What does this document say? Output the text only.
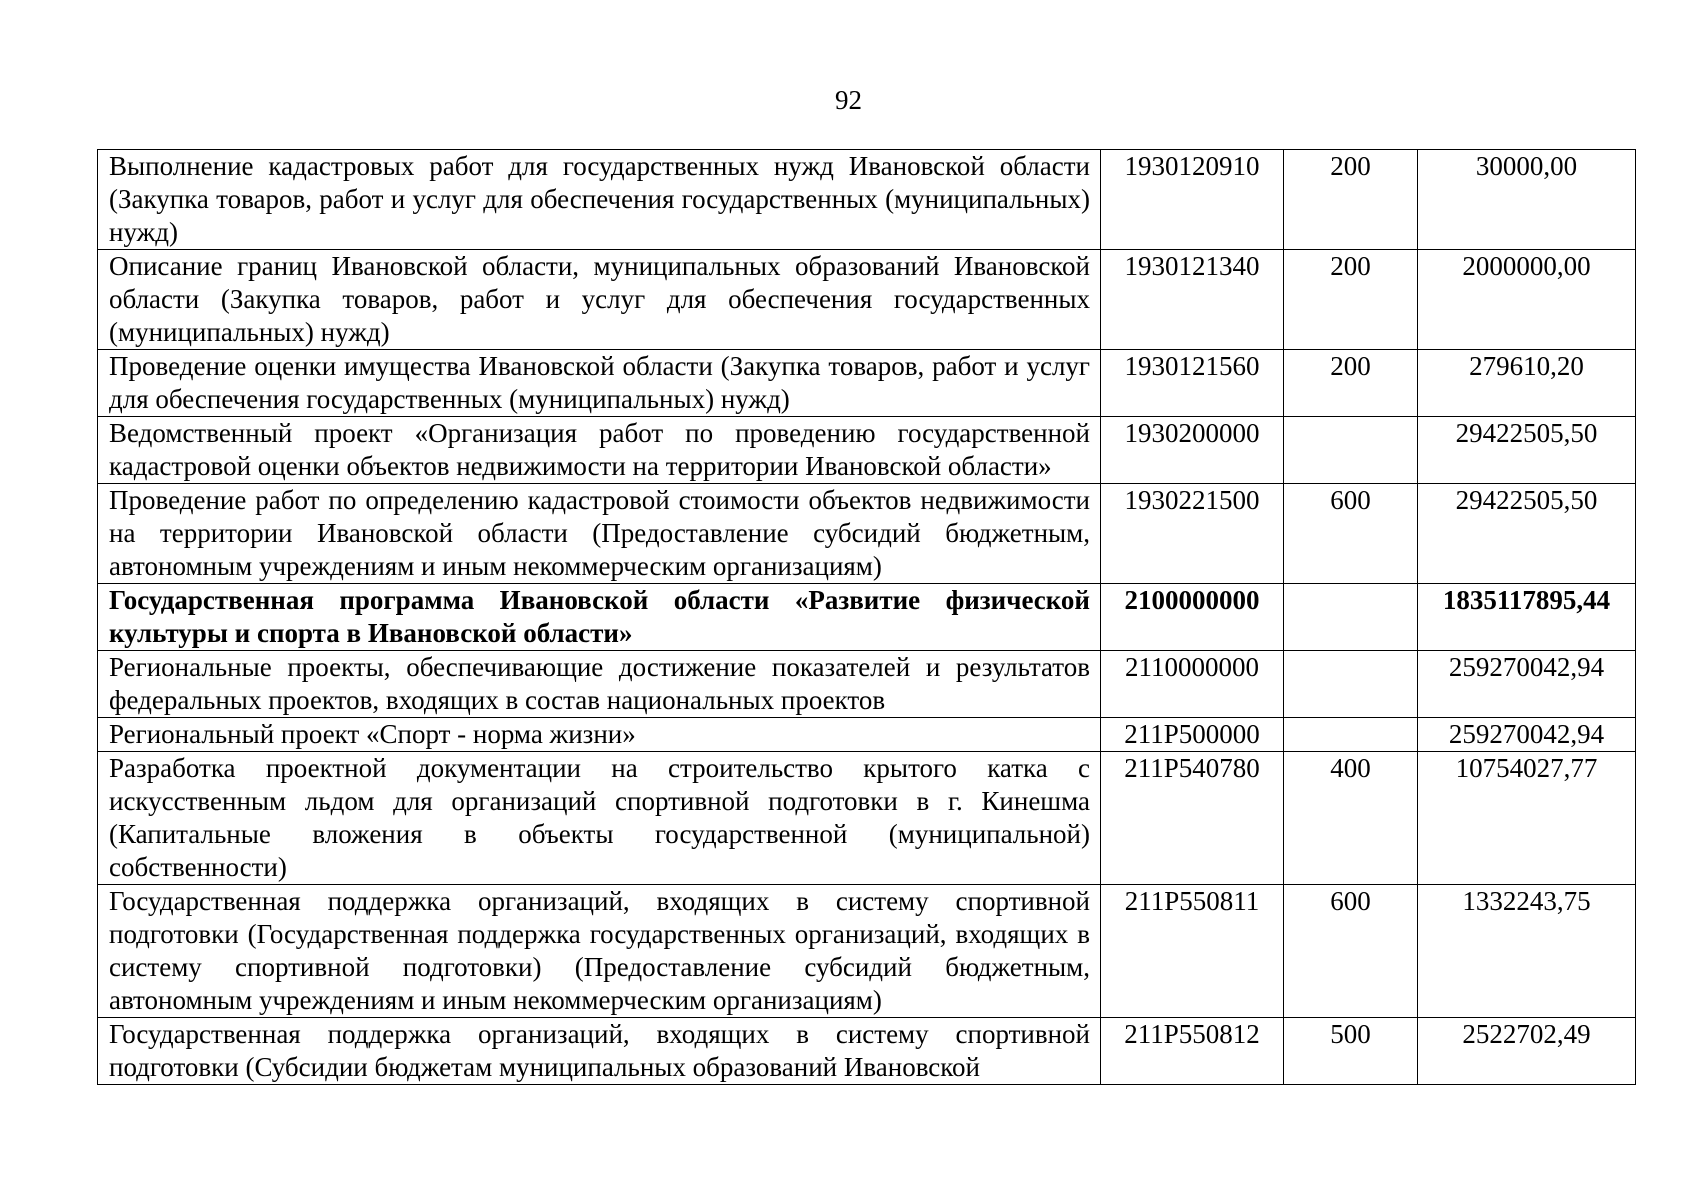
92
Выполнение кадастровых работ для государственных нужд Ивановской области (Закупка товаров, работ и услуг для обеспечения государственных (муниципальных) нужд)	1930120910	200	30000,00
Описание границ Ивановской области, муниципальных образований Ивановской области (Закупка товаров, работ и услуг для обеспечения государственных (муниципальных) нужд)	1930121340	200	2000000,00
Проведение оценки имущества Ивановской области (Закупка товаров, работ и услуг для обеспечения государственных (муниципальных) нужд)	1930121560	200	279610,20
Ведомственный проект «Организация работ по проведению государственной кадастровой оценки объектов недвижимости на территории Ивановской области»	1930200000		29422505,50
Проведение работ по определению кадастровой стоимости объектов недвижимости на территории Ивановской области (Предоставление субсидий бюджетным, автономным учреждениям и иным некоммерческим организациям)	1930221500	600	29422505,50
Государственная программа Ивановской области «Развитие физической культуры и спорта в Ивановской области»	2100000000		1835117895,44
Региональные проекты, обеспечивающие достижение показателей и результатов федеральных проектов, входящих в состав национальных проектов	2110000000		259270042,94
Региональный проект «Спорт - норма жизни»	211P500000		259270042,94
Разработка проектной документации на строительство крытого катка с искусственным льдом для организаций спортивной подготовки в г. Кинешма (Капитальные вложения в объекты государственной (муниципальной) собственности)	211P540780	400	10754027,77
Государственная поддержка организаций, входящих в систему спортивной подготовки (Государственная поддержка государственных организаций, входящих в систему спортивной подготовки) (Предоставление субсидий бюджетным, автономным учреждениям и иным некоммерческим организациям)	211P550811	600	1332243,75
Государственная поддержка организаций, входящих в систему спортивной подготовки (Субсидии бюджетам муниципальных образований Ивановской	211P550812	500	2522702,49
